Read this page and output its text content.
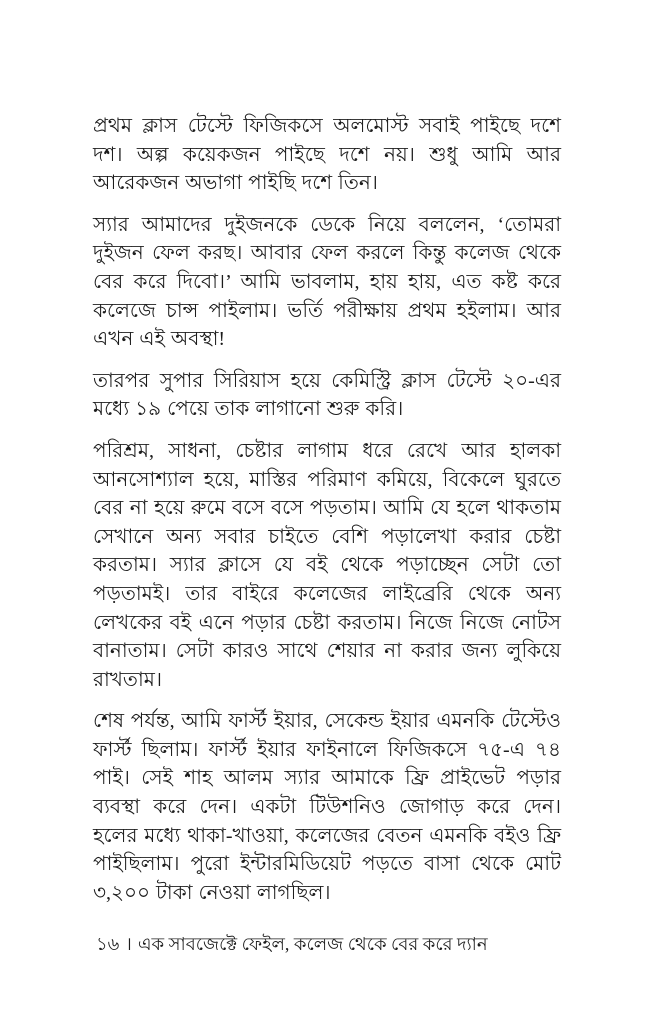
প্রথম ক্লাস টেস্টে ফিজিকসে অলমোস্ট সবাই পাইছে দশে দশ। অল্প কয়েকজন পাইছে দশে নয়। শুধু আমি আর আরেকজন অভাগা পাইছি দশে তিন।

স্যার আমাদের দুইজনকে ডেকে নিয়ে বললেন, ‘তোমরা দুইজন ফেল করছ। আবার ফেল করলে কিন্তু কলেজ থেকে বের করে দিবো।’ আমি ভাবলাম, হায় হায়, এত কষ্ট করে কলেজে চান্স পাইলাম। ভর্তি পরীক্ষায় প্রথম হইলাম। আর এখন এই অবস্থা!

তারপর সুপার সিরিয়াস হয়ে কেমিস্ট্রি ক্লাস টেস্টে ২০-এর মধ্যে ১৯ পেয়ে তাক লাগানো শুরু করি।

পরিশ্রম, সাধনা, চেষ্টার লাগাম ধরে রেখে আর হালকা আনসোশ্যাল হয়ে, মাস্তির পরিমাণ কমিয়ে, বিকেলে ঘুরতে বের না হয়ে রুমে বসে বসে পড়তাম। আমি যে হলে থাকতাম সেখানে অন্য সবার চাইতে বেশি পড়ালেখা করার চেষ্টা করতাম। স্যার ক্লাসে যে বই থেকে পড়াচ্ছেন সেটা তো পড়তামই। তার বাইরে কলেজের লাইব্রেরি থেকে অন্য লেখকের বই এনে পড়ার চেষ্টা করতাম। নিজে নিজে নোটস বানাতাম। সেটা কারও সাথে শেয়ার না করার জন্য লুকিয়ে রাখতাম।

শেষ পর্যন্ত, আমি ফার্স্ট ইয়ার, সেকেন্ড ইয়ার এমনকি টেস্টেও ফার্স্ট ছিলাম। ফার্স্ট ইয়ার ফাইনালে ফিজিকসে ৭৫-এ ৭৪ পাই। সেই শাহ আলম স্যার আমাকে ফ্রি প্রাইভেট পড়ার ব্যবস্থা করে দেন। একটা টিউশনিও জোগাড় করে দেন। হলের মধ্যে থাকা-খাওয়া, কলেজের বেতন এমনকি বইও ফ্রি পাইছিলাম। পুরো ইন্টারমিডিয়েট পড়তে বাসা থেকে মোট ৩,২০০ টাকা নেওয়া লাগছিল।

১৬ । এক সাবজেক্টে ফেইল, কলেজ থেকে বের করে দ্যান
